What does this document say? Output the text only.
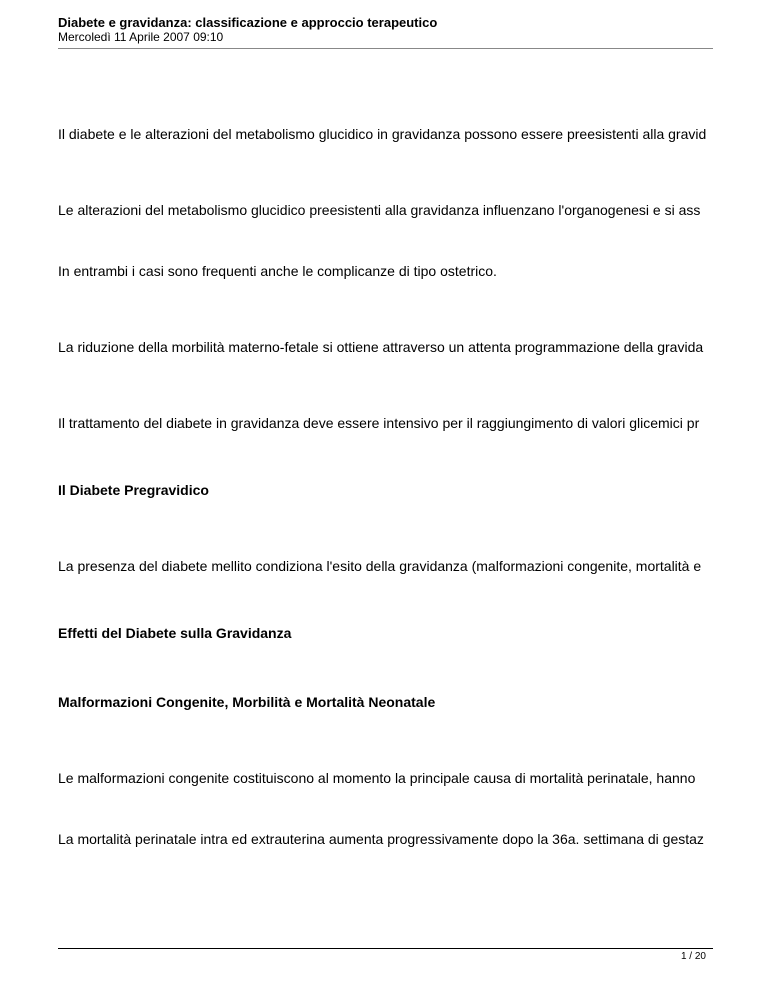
Diabete e gravidanza: classificazione e approccio terapeutico
Mercoledì 11 Aprile 2007 09:10
Il diabete e le alterazioni del metabolismo glucidico in gravidanza possono essere preesistenti alla gravid
Le alterazioni del metabolismo glucidico preesistenti alla gravidanza influenzano l'organogenesi e si ass
In entrambi i casi sono frequenti anche le complicanze di tipo ostetrico.
La riduzione della morbilità materno-fetale si ottiene attraverso un attenta programmazione della gravida
Il trattamento del diabete in gravidanza deve essere intensivo per il raggiungimento di valori glicemici pr
Il Diabete Pregravidico
La presenza del diabete mellito condiziona l'esito della gravidanza (malformazioni congenite, mortalità e
Effetti del Diabete sulla Gravidanza
Malformazioni Congenite, Morbilità e Mortalità Neonatale
Le malformazioni congenite costituiscono al momento la principale causa di mortalità perinatale, hanno
La mortalità perinatale intra ed extrauterina aumenta progressivamente dopo la 36a. settimana di gestaz
1 / 20
